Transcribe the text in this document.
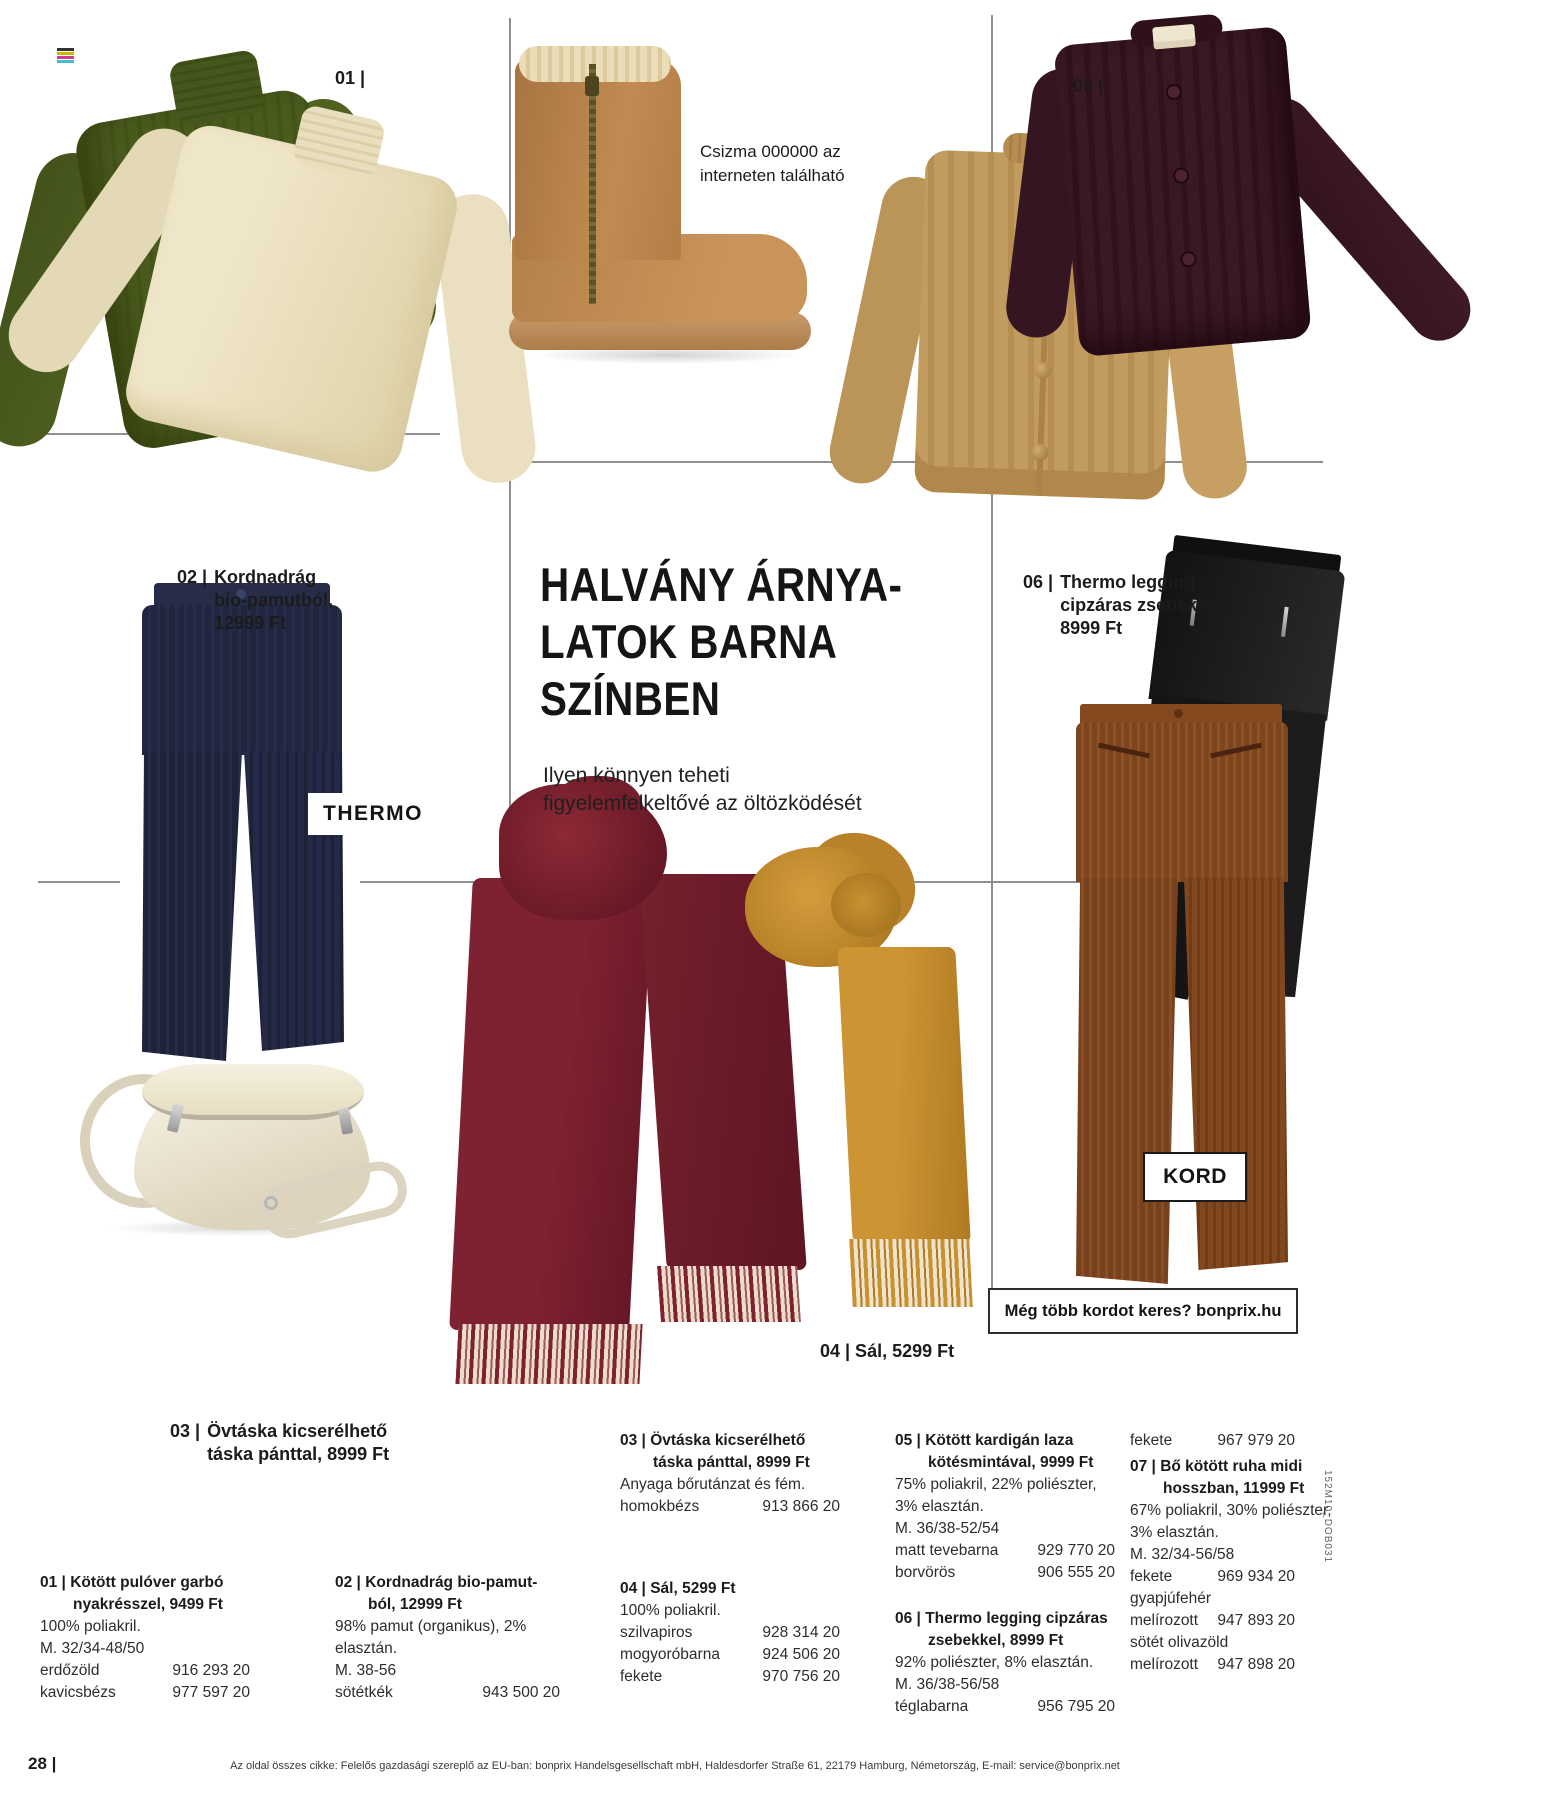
01 |	05 |
Csizma 000000 az
interneten található
02 | Kordnadrág
bio-pamutból,
12999 Ft
HALVÁNY ÁRNYA-
LATOK BARNA
SZÍNBEN
Ilyen könnyen teheti
figyelemfelkeltővé az öltözködését
06 | Thermo legging
cipzáras zsebekkel,
8999 Ft
THERMO
KORD
Még több kordot keres? bonprix.hu
03 | Övtáska kicserélhető
táska pánttal, 8999 Ft
04 | Sál, 5299 Ft
01 | Kötött pulóver garbó
nyakrésszel, 9499 Ft
100% poliakril.
M. 32/34-48/50
erdőzöld	916 293 20
kavicsbézs	977 597 20
02 | Kordnadrág bio-pamut-
ból, 12999 Ft
98% pamut (organikus), 2%
elasztán.
M. 38-56
sötétkék	943 500 20
03 | Övtáska kicserélhető
táska pánttal, 8999 Ft
Anyaga bőrutánzat és fém.
homokbézs	913 866 20
04 | Sál, 5299 Ft
100% poliakril.
szilvapiros	928 314 20
mogyoróbarna	924 506 20
fekete	970 756 20
05 | Kötött kardigán laza
kötésmintával, 9999 Ft
75% poliakril, 22% poliészter,
3% elasztán.
M. 36/38-52/54
matt tevebarna	929 770 20
borvörös	906 555 20
06 | Thermo legging cipzáras
zsebekkel, 8999 Ft
92% poliészter, 8% elasztán.
M. 36/38-56/58
téglabarna	956 795 20
fekete	967 979 20
07 | Bő kötött ruha midi
hosszban, 11999 Ft
67% poliakril, 30% poliészter,
3% elasztán.
M. 32/34-56/58
fekete	969 934 20
gyapjúfehér
melírozott 947 893 20
sötét olivazöld
melírozott 947 898 20
28 |	Az oldal összes cikke: Felelős gazdasági szereplő az EU-ban: bonprix Handelsgesellschaft mbH, Haldesdorfer Straße 61, 22179 Hamburg, Németország, E-mail: service@bonprix.net
152M10_DOB031
